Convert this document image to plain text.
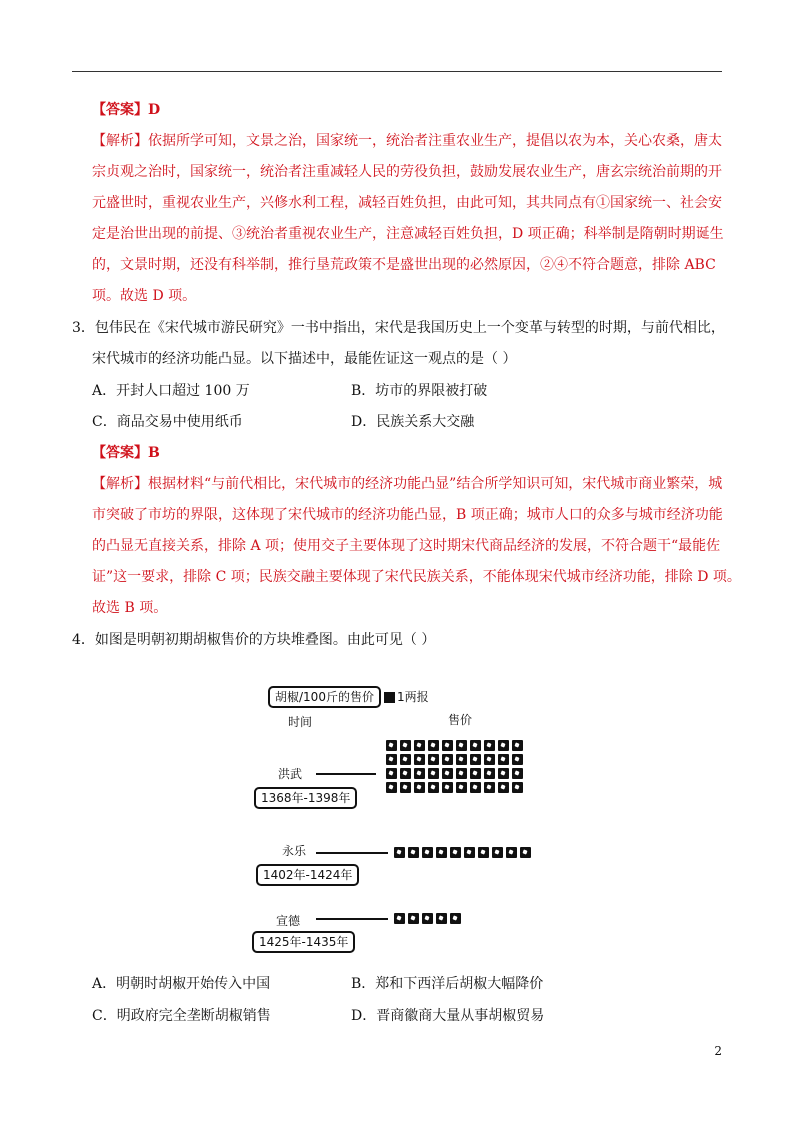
【答案】D
【解析】依据所学可知，文景之治，国家统一，统治者注重农业生产，提倡以农为本，关心农桑，唐太
宗贞观之治时，国家统一，统治者注重减轻人民的劳役负担，鼓励发展农业生产，唐玄宗统治前期的开
元盛世时，重视农业生产，兴修水利工程，减轻百姓负担，由此可知，其共同点有①国家统一、社会安
定是治世出现的前提、③统治者重视农业生产，注意减轻百姓负担，D 项正确；科举制是隋朝时期诞生
的，文景时期，还没有科举制，推行垦荒政策不是盛世出现的必然原因，②④不符合题意，排除 ABC
项。故选 D 项。
3．包伟民在《宋代城市游民研究》一书中指出，宋代是我国历史上一个变革与转型的时期，与前代相比，
宋代城市的经济功能凸显。以下描述中，最能佐证这一观点的是（ ）
A．开封人口超过 100 万	B．坊市的界限被打破
C．商品交易中使用纸币	D．民族关系大交融
【答案】B
【解析】根据材料“与前代相比，宋代城市的经济功能凸显”结合所学知识可知，宋代城市商业繁荣，城
市突破了市坊的界限，这体现了宋代城市的经济功能凸显，B 项正确；城市人口的众多与城市经济功能
的凸显无直接关系，排除 A 项；使用交子主要体现了这时期宋代商品经济的发展，不符合题干“最能佐
证”这一要求，排除 C 项；民族交融主要体现了宋代民族关系，不能体现宋代城市经济功能，排除 D 项。
故选 B 项。
4．如图是明朝初期胡椒售价的方块堆叠图。由此可见（ ）
胡椒/100斤的售价	1两报
时间	售价
洪武
1368年-1398年
永乐
1402年-1424年
宣德
1425年-1435年
A．明朝时胡椒开始传入中国	B．郑和下西洋后胡椒大幅降价
C．明政府完全垄断胡椒销售	D．晋商徽商大量从事胡椒贸易
2
